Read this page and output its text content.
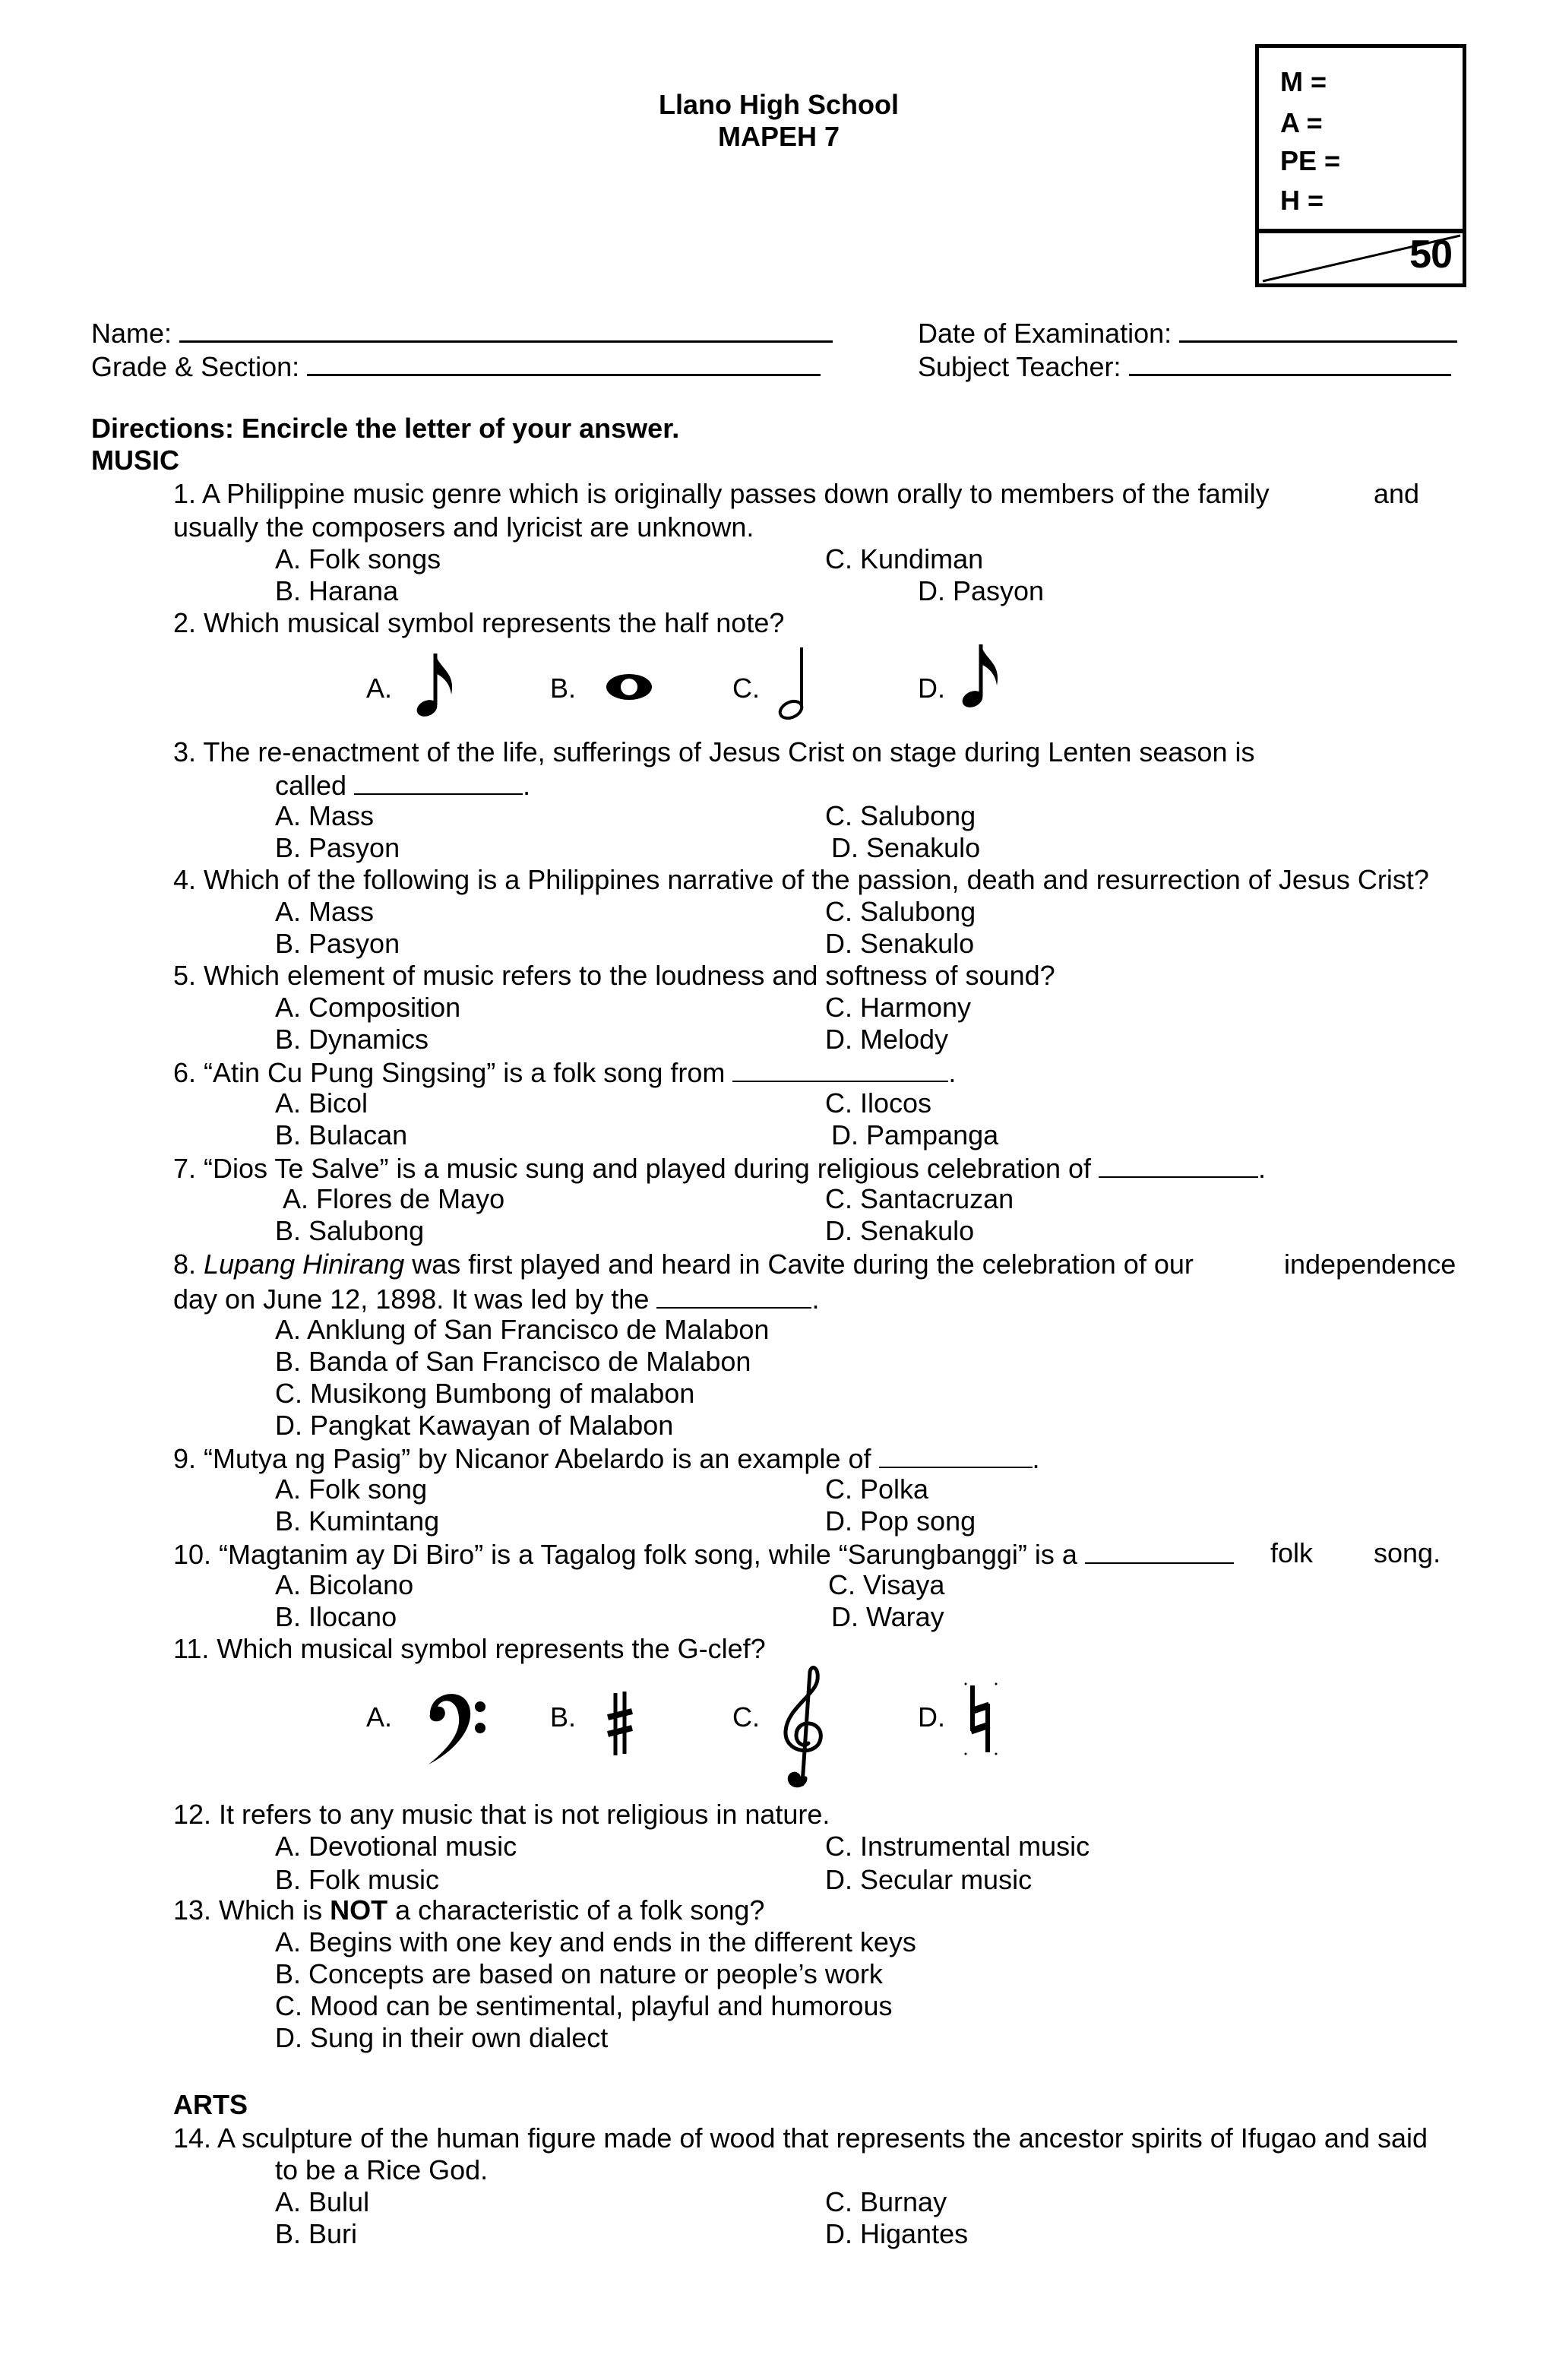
Llano High School
MAPEH 7
M =
A =
PE =
H =
50
Name:
Grade & Section:
Date of Examination:
Subject Teacher:
Directions: Encircle the letter of your answer.
MUSIC
1. A Philippine music genre which is originally passes down orally to members of the family	and
usually the composers and lyricist are unknown.
A. Folk songs	C. Kundiman
B. Harana	D. Pasyon
2. Which musical symbol represents the half note?
A.	B.	C.	D.
3. The re-enactment of the life, sufferings of Jesus Crist on stage during Lenten season is
called	.
A. Mass	C. Salubong
B. Pasyon	D. Senakulo
4. Which of the following is a Philippines narrative of the passion, death and resurrection of Jesus Crist?
A. Mass	C. Salubong
B. Pasyon	D. Senakulo
5. Which element of music refers to the loudness and softness of sound?
A. Composition	C. Harmony
B. Dynamics	D. Melody
6. “Atin Cu Pung Singsing” is a folk song from	.
A. Bicol	C. Ilocos
B. Bulacan	D. Pampanga
7. “Dios Te Salve” is a music sung and played during religious celebration of	.
A. Flores de Mayo	C. Santacruzan
B. Salubong	D. Senakulo
8. Lupang Hinirang was first played and heard in Cavite during the celebration of our	independence
day on June 12, 1898. It was led by the	.
A. Anklung of San Francisco de Malabon
B. Banda of San Francisco de Malabon
C. Musikong Bumbong of malabon
D. Pangkat Kawayan of Malabon
9. “Mutya ng Pasig” by Nicanor Abelardo is an example of	.
A. Folk song	C. Polka
B. Kumintang	D. Pop song
10. “Magtanim ay Di Biro” is a Tagalog folk song, while “Sarungbanggi” is a	folk song.
A. Bicolano	C. Visaya
B. Ilocano	D. Waray
11. Which musical symbol represents the G-clef?
A.	B.	C.	D.
12. It refers to any music that is not religious in nature.
A. Devotional music	C. Instrumental music
B. Folk music	D. Secular music
13. Which is NOT a characteristic of a folk song?
A. Begins with one key and ends in the different keys
B. Concepts are based on nature or people’s work
C. Mood can be sentimental, playful and humorous
D. Sung in their own dialect
ARTS
14. A sculpture of the human figure made of wood that represents the ancestor spirits of Ifugao and said
to be a Rice God.
A. Bulul	C. Burnay
B. Buri	D. Higantes
